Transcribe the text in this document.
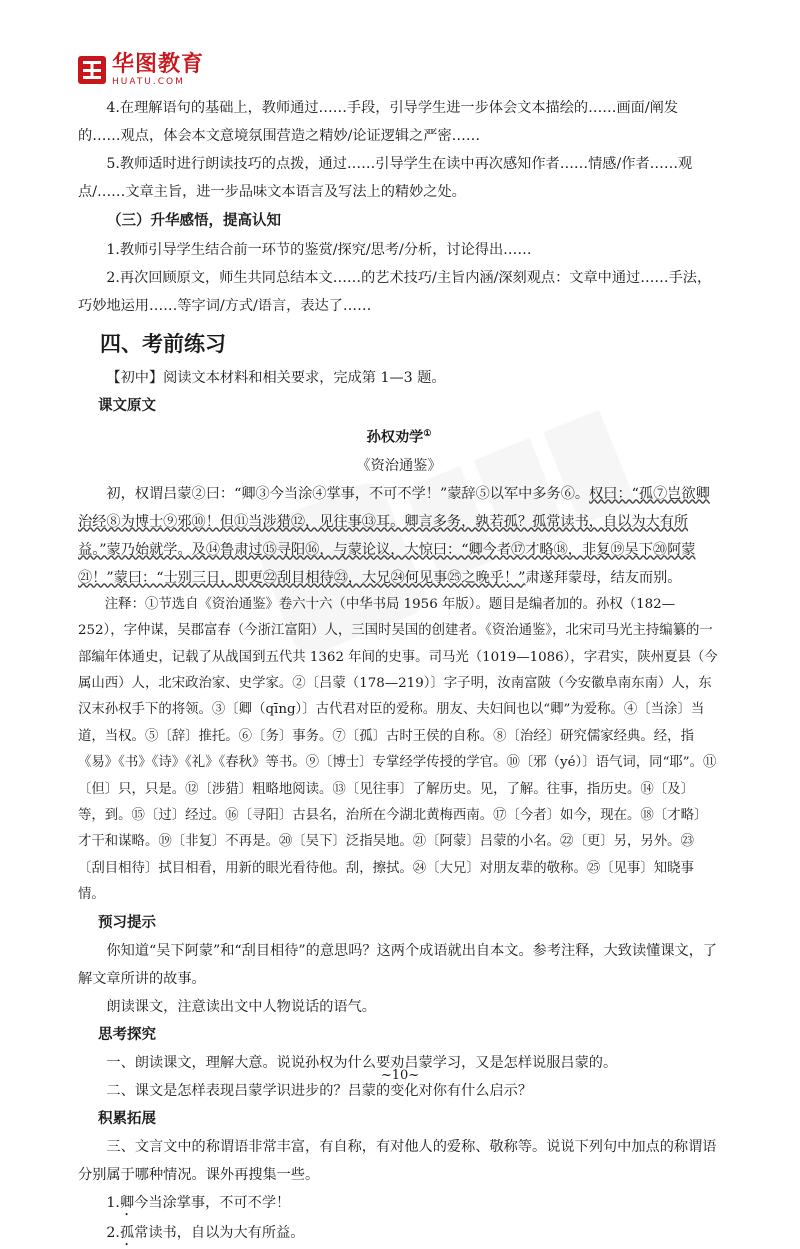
华图教育
HUATU.COM

4.在理解语句的基础上，教师通过……手段，引导学生进一步体会文本描绘的……画面/阐发的……观点，体会本文意境氛围营造之精妙/论证逻辑之严密……

5.教师适时进行朗读技巧的点拨，通过……引导学生在读中再次感知作者……情感/作者……观点/……文章主旨，进一步品味文本语言及写法上的精妙之处。

（三）升华感悟，提高认知

1.教师引导学生结合前一环节的鉴赏/探究/思考/分析，讨论得出……

2.再次回顾原文，师生共同总结本文……的艺术技巧/主旨内涵/深刻观点：文章中通过……手法，巧妙地运用……等字词/方式/语言，表达了……

四、考前练习

【初中】阅读文本材料和相关要求，完成第 1—3 题。

课文原文

孙权劝学①

《资治通鉴》

初，权谓吕蒙②曰：“卿③今当涂④掌事，不可不学！”蒙辞⑤以军中多务⑥。权曰：“孤⑦岂欲卿治经⑧为博士⑨邪⑩！但⑪当涉猎⑫，见往事⑬耳。卿言多务，孰若孤？孤常读书，自以为大有所益。”蒙乃始就学。及⑭鲁肃过⑮寻阳⑯，与蒙论议，大惊曰：“卿今者⑰才略⑱，非复⑲吴下⑳阿蒙㉑！”蒙曰：“士别三日，即更㉒刮目相待㉓，大兄㉔何见事㉕之晚乎！”肃遂拜蒙母，结友而别。

注释：①节选自《资治通鉴》卷六十六（中华书局 1956 年版）。题目是编者加的。孙权（182—252），字仲谋，吴郡富春（今浙江富阳）人，三国时吴国的创建者。《资治通鉴》，北宋司马光主持编纂的一部编年体通史，记载了从战国到五代共 1362 年间的史事。司马光（1019—1086），字君实，陕州夏县（今属山西）人，北宋政治家、史学家。②〔吕蒙（178—219）〕字子明，汝南富陂（今安徽阜南东南）人，东汉末孙权手下的将领。③〔卿（qīng）〕古代君对臣的爱称。朋友、夫妇间也以“卿”为爱称。④〔当涂〕当道，当权。⑤〔辞〕推托。⑥〔务〕事务。⑦〔孤〕古时王侯的自称。⑧〔治经〕研究儒家经典。经，指《易》《书》《诗》《礼》《春秋》等书。⑨〔博士〕专掌经学传授的学官。⑩〔邪（yé）〕语气词，同“耶”。⑪〔但〕只，只是。⑫〔涉猎〕粗略地阅读。⑬〔见往事〕了解历史。见，了解。往事，指历史。⑭〔及〕等，到。⑮〔过〕经过。⑯〔寻阳〕古县名，治所在今湖北黄梅西南。⑰〔今者〕如今，现在。⑱〔才略〕才干和谋略。⑲〔非复〕不再是。⑳〔吴下〕泛指吴地。㉑〔阿蒙〕吕蒙的小名。㉒〔更〕另，另外。㉓〔刮目相待〕拭目相看，用新的眼光看待他。刮，擦拭。㉔〔大兄〕对朋友辈的敬称。㉕〔见事〕知晓事情。

预习提示

你知道“吴下阿蒙”和“刮目相待”的意思吗？这两个成语就出自本文。参考注释，大致读懂课文，了解文章所讲的故事。

朗读课文，注意读出文中人物说话的语气。

思考探究

一、朗读课文，理解大意。说说孙权为什么要劝吕蒙学习，又是怎样说服吕蒙的。

二、课文是怎样表现吕蒙学识进步的？吕蒙的变化对你有什么启示？

积累拓展

三、文言文中的称谓语非常丰富，有自称，有对他人的爱称、敬称等。说说下列句中加点的称谓语分别属于哪种情况。课外再搜集一些。

1.卿今当涂掌事，不可不学！

2.孤常读书，自以为大有所益。

~10~
